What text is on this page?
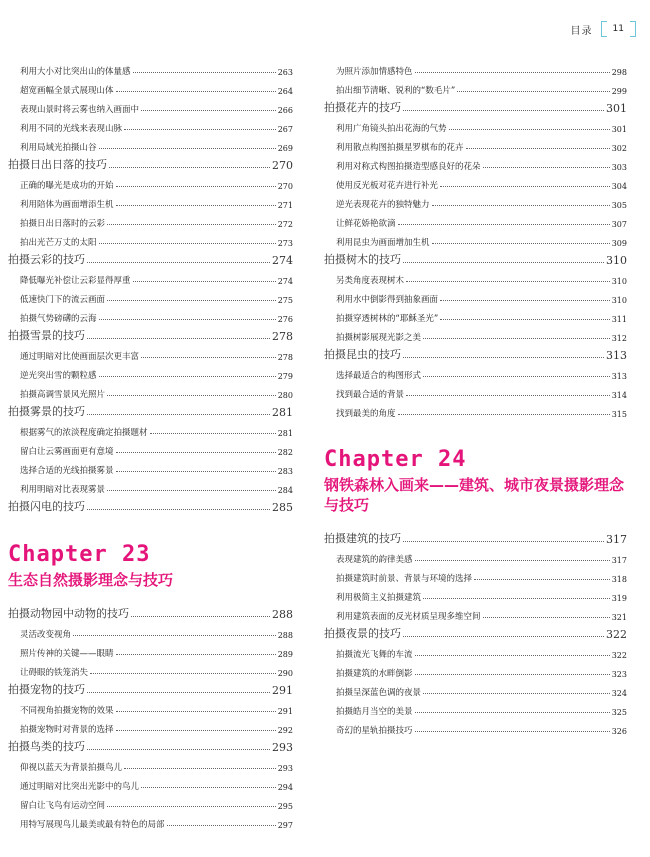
目录	11
利用大小对比突出山的体量感	263
超宽画幅全景式展现山体	264
表现山景时将云雾也纳入画面中	266
利用不同的光线来表现山脉	267
利用局域光拍摄山谷	269
拍摄日出日落的技巧	270
正确的曝光是成功的开始	270
利用陪体为画面增添生机	271
拍摄日出日落时的云彩	272
拍出光芒万丈的太阳	273
拍摄云彩的技巧	274
降低曝光补偿让云彩显得厚重	274
低速快门下的流云画面	275
拍摄气势磅礴的云海	276
拍摄雪景的技巧	278
通过明暗对比使画面层次更丰富	278
逆光突出雪的颗粒感	279
拍摄高调雪景风光照片	280
拍摄雾景的技巧	281
根据雾气的浓淡程度确定拍摄题材	281
留白让云雾画面更有意境	282
选择合适的光线拍摄雾景	283
利用明暗对比表现雾景	284
拍摄闪电的技巧	285
Chapter 23
生态自然摄影理念与技巧
拍摄动物园中动物的技巧	288
灵活改变视角	288
照片传神的关键——眼睛	289
让碍眼的铁笼消失	290
拍摄宠物的技巧	291
不同视角拍摄宠物的效果	291
拍摄宠物时对背景的选择	292
拍摄鸟类的技巧	293
仰视以蓝天为背景拍摄鸟儿	293
通过明暗对比突出光影中的鸟儿	294
留白让飞鸟有运动空间	295
用特写展现鸟儿最美或最有特色的局部	297
为照片添加情感特色	298
拍出细节清晰、锐利的“数毛片”	299
拍摄花卉的技巧	301
利用广角镜头拍出花海的气势	301
利用散点构图拍摄星罗棋布的花卉	302
利用对称式构图拍摄造型感良好的花朵	303
使用反光板对花卉进行补光	304
逆光表现花卉的独特魅力	305
让鲜花娇艳欲滴	307
利用昆虫为画面增加生机	309
拍摄树木的技巧	310
另类角度表现树木	310
利用水中倒影得到抽象画面	310
拍摄穿透树林的“耶稣圣光”	311
拍摄树影展现光影之美	312
拍摄昆虫的技巧	313
选择最适合的构图形式	313
找到最合适的背景	314
找到最美的角度	315
Chapter 24
钢铁森林入画来——建筑、城市夜景摄影理念与技巧
拍摄建筑的技巧	317
表现建筑的韵律美感	317
拍摄建筑时前景、背景与环境的选择	318
利用极简主义拍摄建筑	319
利用建筑表面的反光材质呈现多维空间	321
拍摄夜景的技巧	322
拍摄流光飞舞的车流	322
拍摄建筑的水畔倒影	323
拍摄呈深蓝色调的夜景	324
拍摄皓月当空的美景	325
奇幻的星轨拍摄技巧	326
